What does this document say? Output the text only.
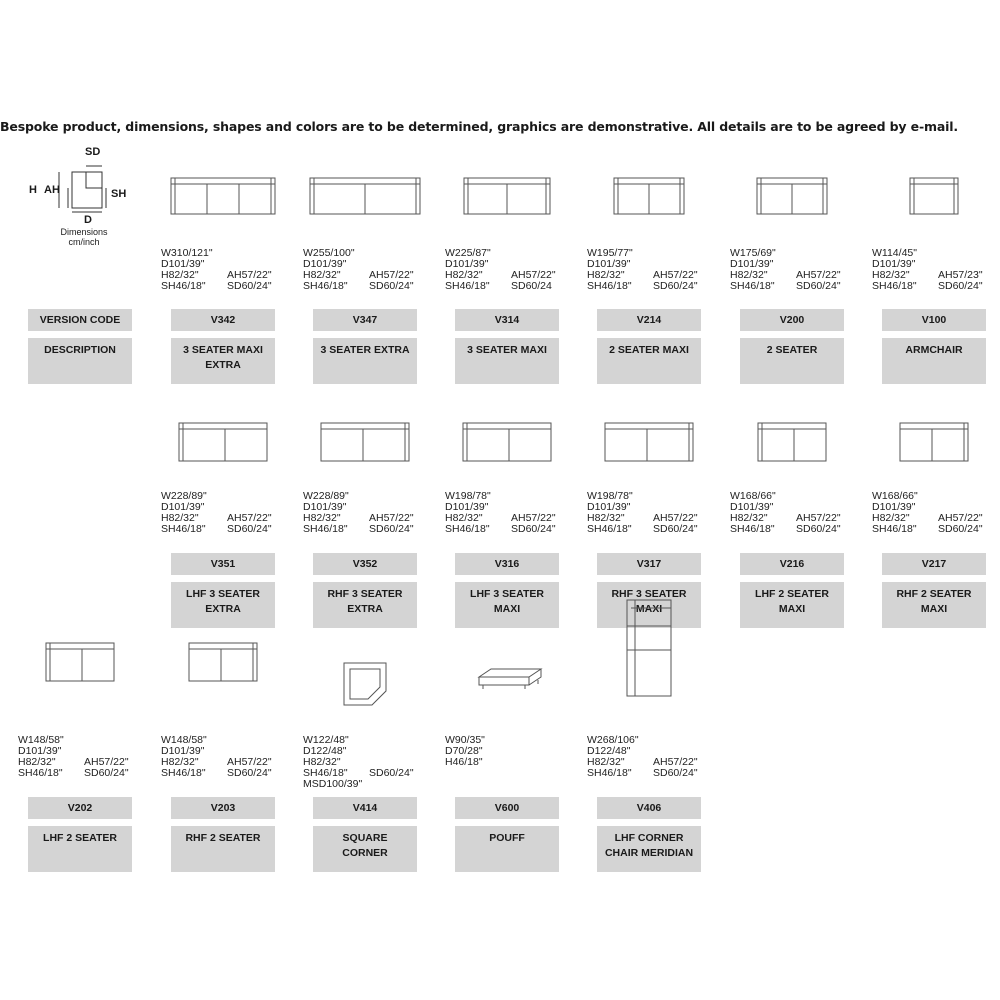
Bespoke product, dimensions, shapes and colors are to be determined, graphics are demonstrative. All details are to be agreed by e-mail.
SD
H AH	SH
D
Dimensions
cm/inch
VERSION CODE
DESCRIPTION
W310/121"
D101/39"
H82/32"	AH57/22"
SH46/18" SD60/24"
V342
3 SEATER MAXI
EXTRA
W255/100"
D101/39"
H82/32"	AH57/22"
SH46/18" SD60/24"
V347
3 SEATER EXTRA
W225/87"
D101/39"
H82/32"	AH57/22"
SH46/18" SD60/24
V314
3 SEATER MAXI
W195/77"
D101/39"
H82/32"	AH57/22"
SH46/18" SD60/24"
V214
2 SEATER MAXI
W175/69"
D101/39"
H82/32"	AH57/22"
SH46/18" SD60/24"
V200
2 SEATER
W114/45"
D101/39"
H82/32"	AH57/23"
SH46/18" SD60/24"
V100
ARMCHAIR
W228/89"
D101/39"
H82/32"	AH57/22"
SH46/18" SD60/24"
V351
LHF 3 SEATER
EXTRA
W228/89"
D101/39"
H82/32"	AH57/22"
SH46/18" SD60/24"
V352
RHF 3 SEATER
EXTRA
W198/78"
D101/39"
H82/32"	AH57/22"
SH46/18" SD60/24"
V316
LHF 3 SEATER
MAXI
W198/78"
D101/39"
H82/32"	AH57/22"
SH46/18" SD60/24"
V317
RHF 3 SEATER
MAXI
W168/66"
D101/39"
H82/32"	AH57/22"
SH46/18" SD60/24"
V216
LHF 2 SEATER
MAXI
W168/66"
D101/39"
H82/32"	AH57/22"
SH46/18" SD60/24"
V217
RHF 2 SEATER
MAXI
W148/58"
D101/39"
H82/32"	AH57/22"
SH46/18" SD60/24"
V202
LHF 2 SEATER
W148/58"
D101/39"
H82/32"	AH57/22"
SH46/18" SD60/24"
V203
RHF 2 SEATER
W122/48"
D122/48"
H82/32"
SH46/18" SD60/24"
MSD100/39"
V414
SQUARE
CORNER
W90/35"
D70/28"
H46/18"
V600
POUFF
W268/106"
D122/48"
H82/32"	AH57/22"
SH46/18" SD60/24"
V406
LHF CORNER
CHAIR MERIDIAN
